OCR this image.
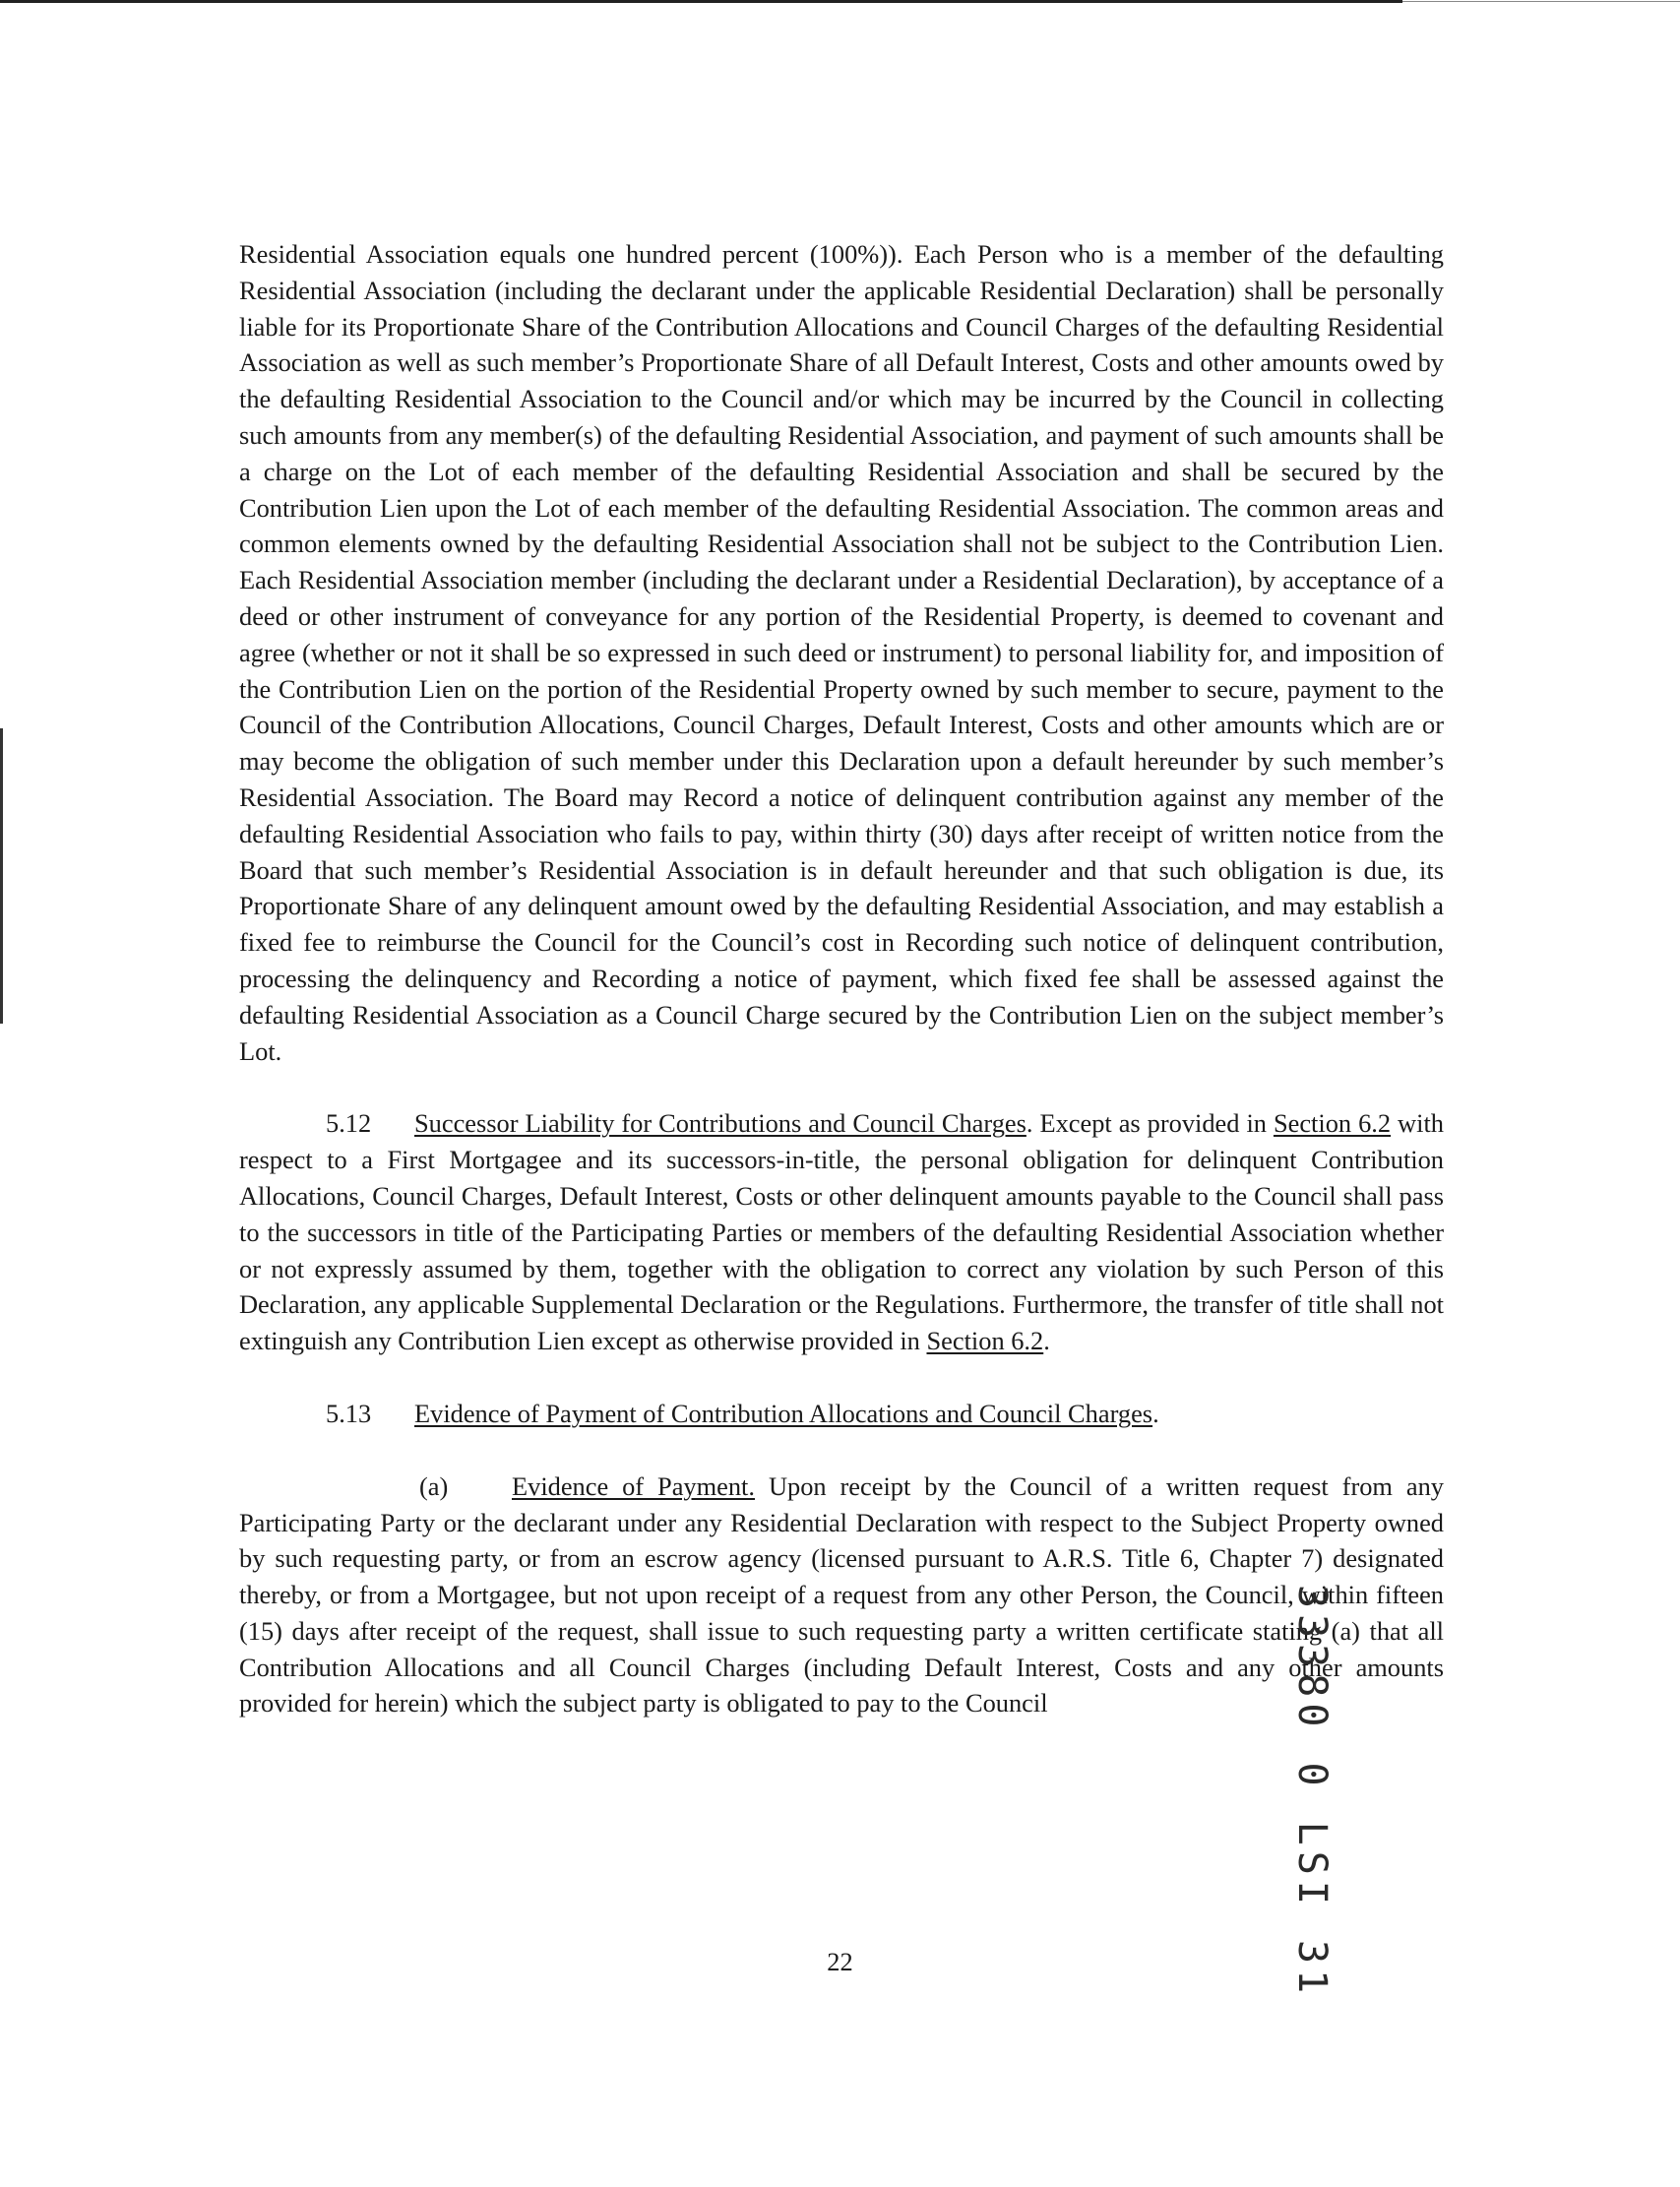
Residential Association equals one hundred percent (100%)). Each Person who is a member of the defaulting Residential Association (including the declarant under the applicable Residential Declaration) shall be personally liable for its Proportionate Share of the Contribution Allocations and Council Charges of the defaulting Residential Association as well as such member’s Proportionate Share of all Default Interest, Costs and other amounts owed by the defaulting Residential Association to the Council and/or which may be incurred by the Council in collecting such amounts from any member(s) of the defaulting Residential Association, and payment of such amounts shall be a charge on the Lot of each member of the defaulting Residential Association and shall be secured by the Contribution Lien upon the Lot of each member of the defaulting Residential Association. The common areas and common elements owned by the defaulting Residential Association shall not be subject to the Contribution Lien. Each Residential Association member (including the declarant under a Residential Declaration), by acceptance of a deed or other instrument of conveyance for any portion of the Residential Property, is deemed to covenant and agree (whether or not it shall be so expressed in such deed or instrument) to personal liability for, and imposition of the Contribution Lien on the portion of the Residential Property owned by such member to secure, payment to the Council of the Contribution Allocations, Council Charges, Default Interest, Costs and other amounts which are or may become the obligation of such member under this Declaration upon a default hereunder by such member’s Residential Association. The Board may Record a notice of delinquent contribution against any member of the defaulting Residential Association who fails to pay, within thirty (30) days after receipt of written notice from the Board that such member’s Residential Association is in default hereunder and that such obligation is due, its Proportionate Share of any delinquent amount owed by the defaulting Residential Association, and may establish a fixed fee to reimburse the Council for the Council’s cost in Recording such notice of delinquent contribution, processing the delinquency and Recording a notice of payment, which fixed fee shall be assessed against the defaulting Residential Association as a Council Charge secured by the Contribution Lien on the subject member’s Lot.

5.12 Successor Liability for Contributions and Council Charges. Except as provided in Section 6.2 with respect to a First Mortgagee and its successors-in-title, the personal obligation for delinquent Contribution Allocations, Council Charges, Default Interest, Costs or other delinquent amounts payable to the Council shall pass to the successors in title of the Participating Parties or members of the defaulting Residential Association whether or not expressly assumed by them, together with the obligation to correct any violation by such Person of this Declaration, any applicable Supplemental Declaration or the Regulations. Furthermore, the transfer of title shall not extinguish any Contribution Lien except as otherwise provided in Section 6.2.

5.13 Evidence of Payment of Contribution Allocations and Council Charges.

(a) Evidence of Payment. Upon receipt by the Council of a written request from any Participating Party or the declarant under any Residential Declaration with respect to the Subject Property owned by such requesting party, or from an escrow agency (licensed pursuant to A.R.S. Title 6, Chapter 7) designated thereby, or from a Mortgagee, but not upon receipt of a request from any other Person, the Council, within fifteen (15) days after receipt of the request, shall issue to such requesting party a written certificate stating (a) that all Contribution Allocations and all Council Charges (including Default Interest, Costs and any other amounts provided for herein) which the subject party is obligated to pay to the Council

22	33380 0 LSI 31
